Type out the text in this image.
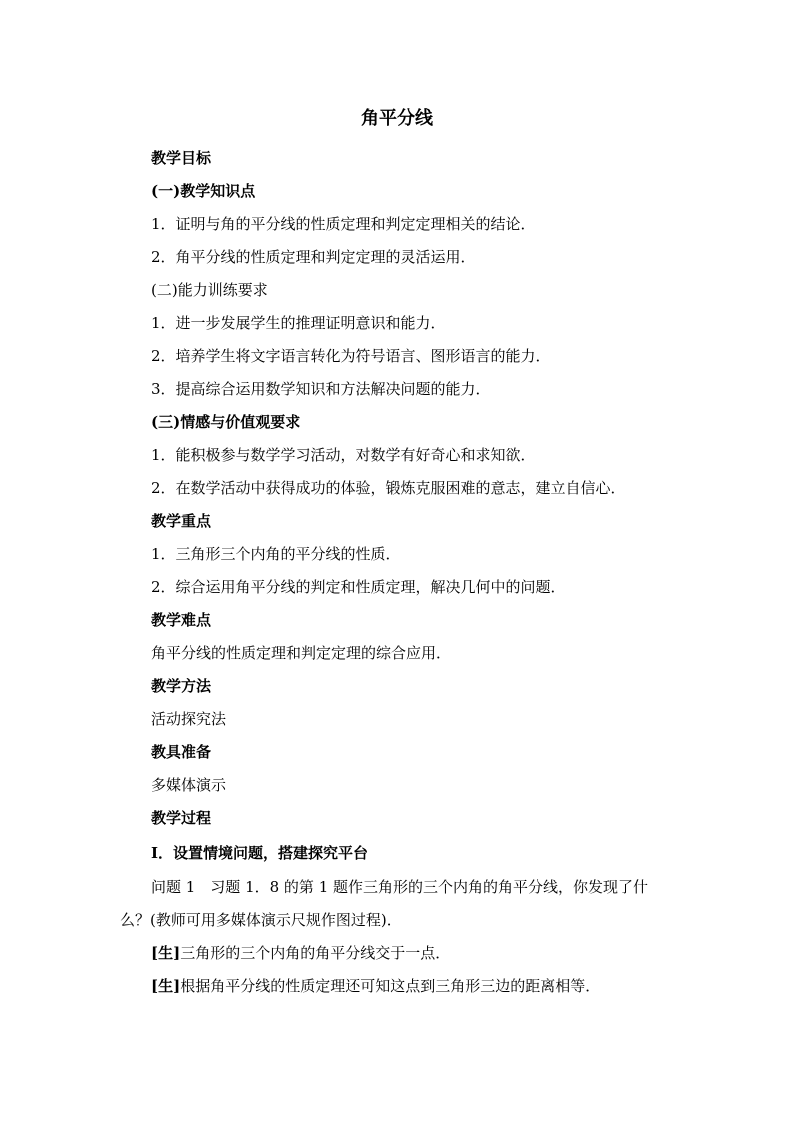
角平分线
教学目标
(一)教学知识点
1．证明与角的平分线的性质定理和判定定理相关的结论．
2．角平分线的性质定理和判定定理的灵活运用．
(二)能力训练要求
1．进一步发展学生的推理证明意识和能力．
2．培养学生将文字语言转化为符号语言、图形语言的能力．
3．提高综合运用数学知识和方法解决问题的能力．
(三)情感与价值观要求
1．能积极参与数学学习活动，对数学有好奇心和求知欲．
2．在数学活动中获得成功的体验，锻炼克服困难的意志，建立自信心．
教学重点
1．三角形三个内角的平分线的性质．
2．综合运用角平分线的判定和性质定理，解决几何中的问题．
教学难点
角平分线的性质定理和判定定理的综合应用．
教学方法
活动探究法
教具准备
多媒体演示
教学过程
Ⅰ．设置情境问题，搭建探究平台
问题 1　习题 1．8 的第 1 题作三角形的三个内角的角平分线，你发现了什
么？(教师可用多媒体演示尺规作图过程)．
[生]三角形的三个内角的角平分线交于一点．
[生]根据角平分线的性质定理还可知这点到三角形三边的距离相等．
